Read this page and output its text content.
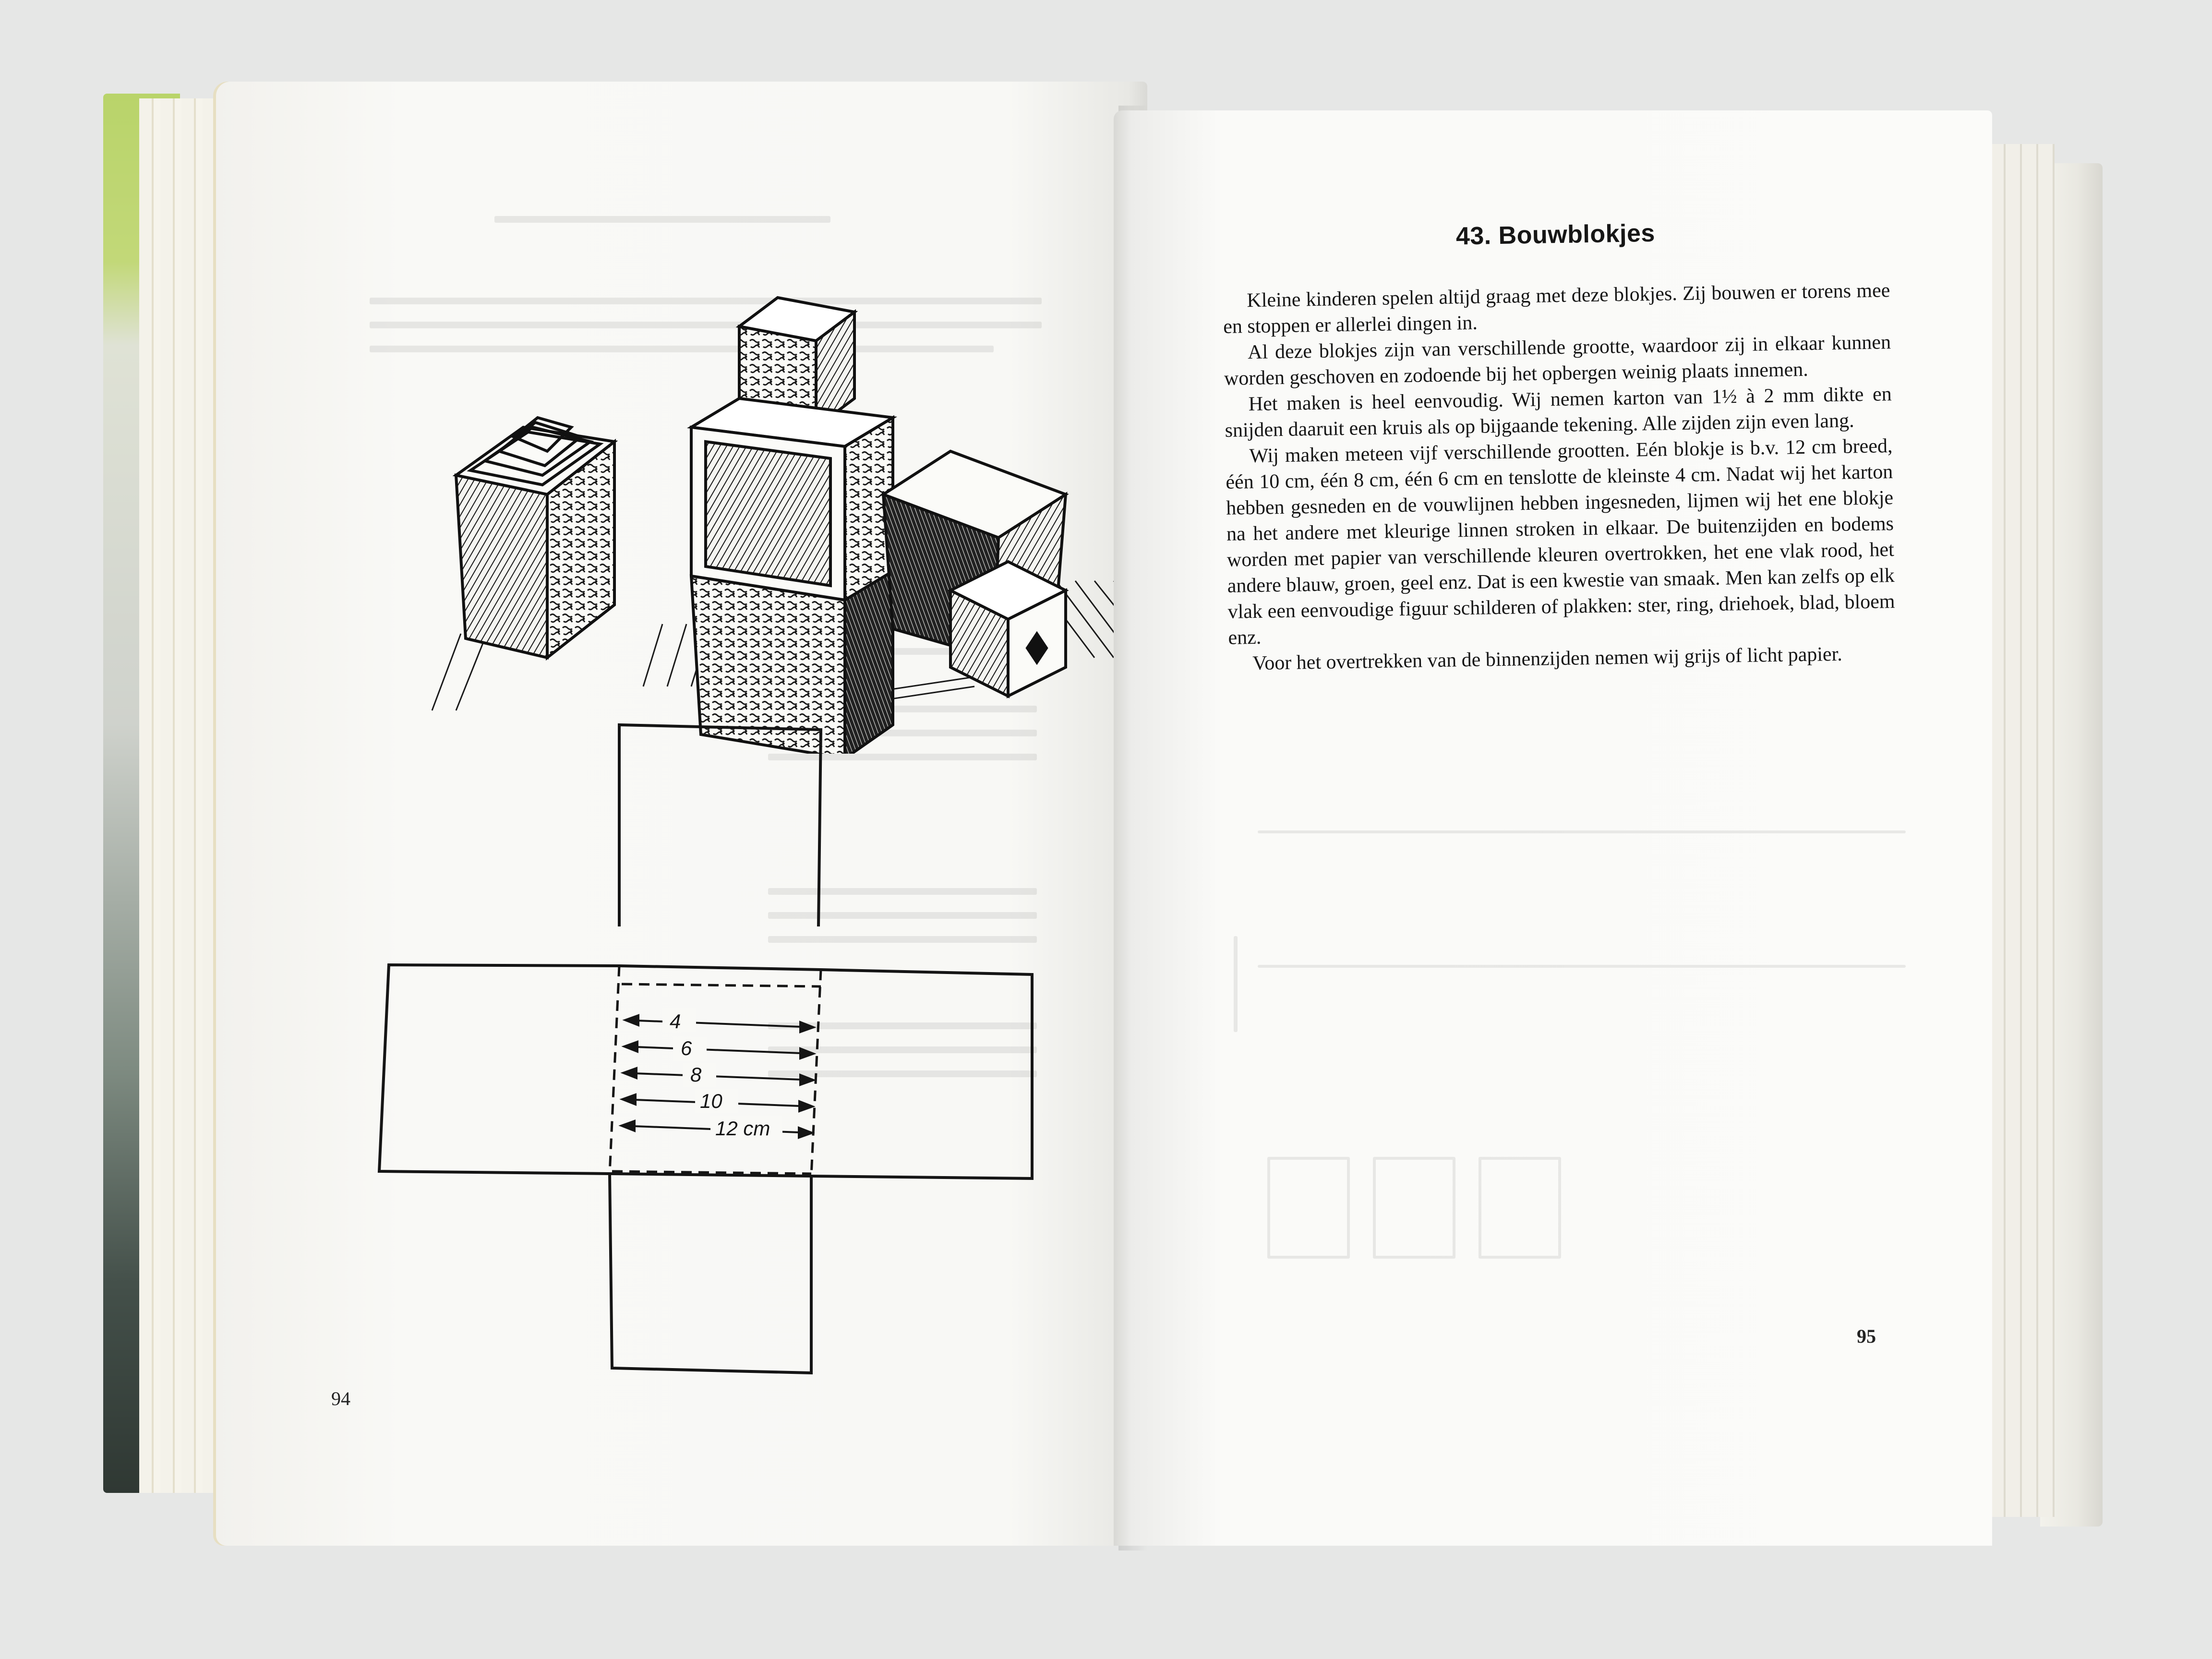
4
6
8
10
12 cm
94
43. Bouwblokjes

Kleine kinderen spelen altijd graag met deze blokjes. Zij bouwen er torens mee en stoppen er allerlei dingen in.

Al deze blokjes zijn van verschillende grootte, waardoor zij in elkaar kunnen worden geschoven en zodoende bij het opbergen weinig plaats innemen.

Het maken is heel eenvoudig. Wij nemen karton van 1½ à 2 mm dikte en snijden daaruit een kruis als op bijgaande tekening. Alle zijden zijn even lang.

Wij maken meteen vijf verschillende grootten. Eén blokje is b.v. 12 cm breed, één 10 cm, één 8 cm, één 6 cm en tenslotte de kleinste 4 cm. Nadat wij het karton hebben gesneden en de vouwlijnen hebben ingesneden, lijmen wij het ene blokje na het andere met kleurige linnen stroken in elkaar. De buitenzijden en bodems worden met papier van verschillende kleuren overtrokken, het ene vlak rood, het andere blauw, groen, geel enz. Dat is een kwestie van smaak. Men kan zelfs op elk vlak een eenvoudige figuur schilderen of plakken: ster, ring, driehoek, blad, bloem enz.

Voor het overtrekken van de binnenzijden nemen wij grijs of licht papier.

95
